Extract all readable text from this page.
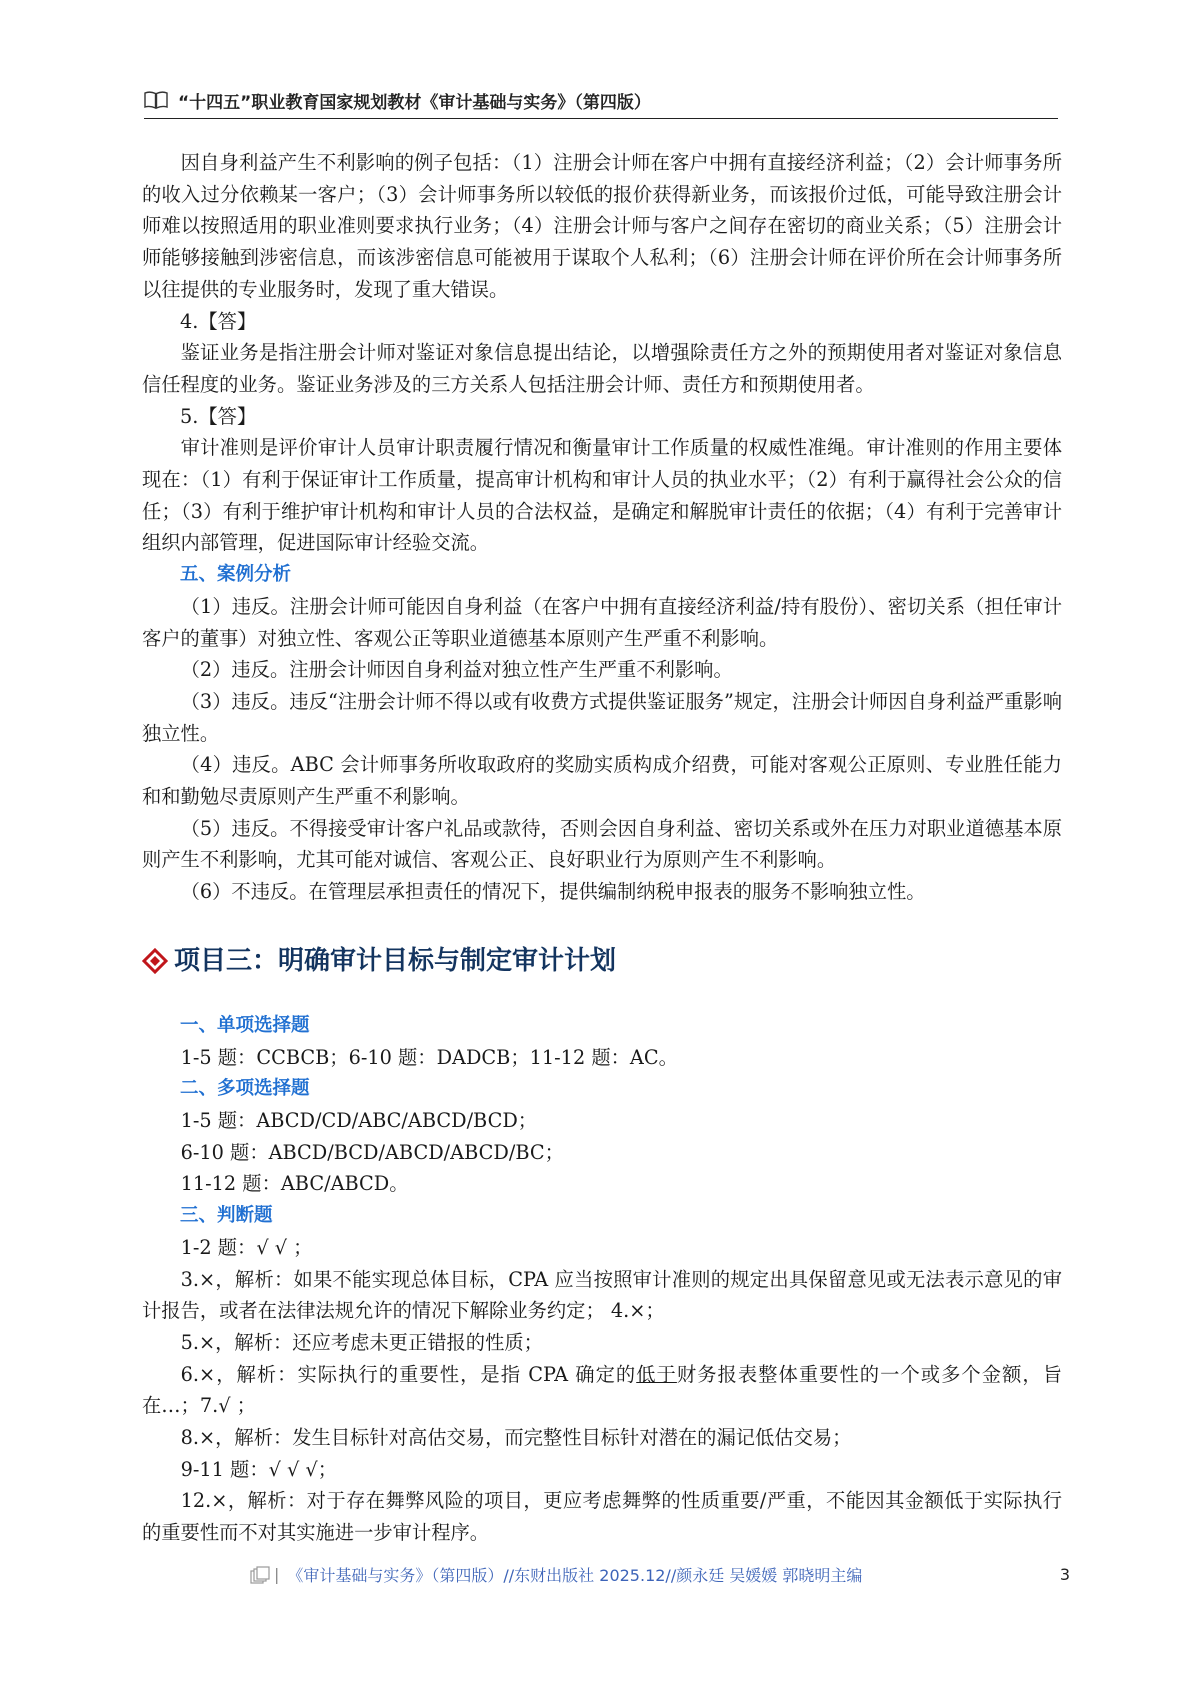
“十四五”职业教育国家规划教材《审计基础与实务》（第四版）

因自身利益产生不利影响的例子包括：（1）注册会计师在客户中拥有直接经济利益；（2）会计师事务所的收入过分依赖某一客户；（3）会计师事务所以较低的报价获得新业务，而该报价过低，可能导致注册会计师难以按照适用的职业准则要求执行业务；（4）注册会计师与客户之间存在密切的商业关系；（5）注册会计师能够接触到涉密信息，而该涉密信息可能被用于谋取个人私利；（6）注册会计师在评价所在会计师事务所以往提供的专业服务时，发现了重大错误。

4.【答】

鉴证业务是指注册会计师对鉴证对象信息提出结论，以增强除责任方之外的预期使用者对鉴证对象信息信任程度的业务。鉴证业务涉及的三方关系人包括注册会计师、责任方和预期使用者。

5.【答】

审计准则是评价审计人员审计职责履行情况和衡量审计工作质量的权威性准绳。审计准则的作用主要体现在：（1）有利于保证审计工作质量，提高审计机构和审计人员的执业水平；（2）有利于赢得社会公众的信任；（3）有利于维护审计机构和审计人员的合法权益，是确定和解脱审计责任的依据；（4）有利于完善审计组织内部管理，促进国际审计经验交流。

五、案例分析

（1）违反。注册会计师可能因自身利益（在客户中拥有直接经济利益/持有股份）、密切关系（担任审计客户的董事）对独立性、客观公正等职业道德基本原则产生严重不利影响。

（2）违反。注册会计师因自身利益对独立性产生严重不利影响。

（3）违反。违反“注册会计师不得以或有收费方式提供鉴证服务”规定，注册会计师因自身利益严重影响独立性。

（4）违反。ABC 会计师事务所收取政府的奖励实质构成介绍费，可能对客观公正原则、专业胜任能力和和勤勉尽责原则产生严重不利影响。

（5）违反。不得接受审计客户礼品或款待，否则会因自身利益、密切关系或外在压力对职业道德基本原则产生不利影响，尤其可能对诚信、客观公正、良好职业行为原则产生不利影响。

（6）不违反。在管理层承担责任的情况下，提供编制纳税申报表的服务不影响独立性。

项目三：明确审计目标与制定审计计划

一、单项选择题

1-5 题：CCBCB；6-10 题：DADCB；11-12 题：AC。

二、多项选择题

1-5 题：ABCD/CD/ABC/ABCD/BCD；

6-10 题：ABCD/BCD/ABCD/ABCD/BC；

11-12 题：ABC/ABCD。

三、判断题

1-2 题：√ √ ；

3.×，解析：如果不能实现总体目标，CPA 应当按照审计准则的规定出具保留意见或无法表示意见的审计报告，或者在法律法规允许的情况下解除业务约定； 4.×；

5.×，解析：还应考虑未更正错报的性质；

6.×，解析：实际执行的重要性，是指 CPA 确定的低于财务报表整体重要性的一个或多个金额，旨在…；7.√ ；

8.×，解析：发生目标针对高估交易，而完整性目标针对潜在的漏记低估交易；

9-11 题：√ √ √；

12.×，解析：对于存在舞弊风险的项目，更应考虑舞弊的性质重要/严重，不能因其金额低于实际执行的重要性而不对其实施进一步审计程序。

| 《审计基础与实务》（第四版）//东财出版社 2025.12//颜永廷 吴媛媛 郭晓明主编	3
